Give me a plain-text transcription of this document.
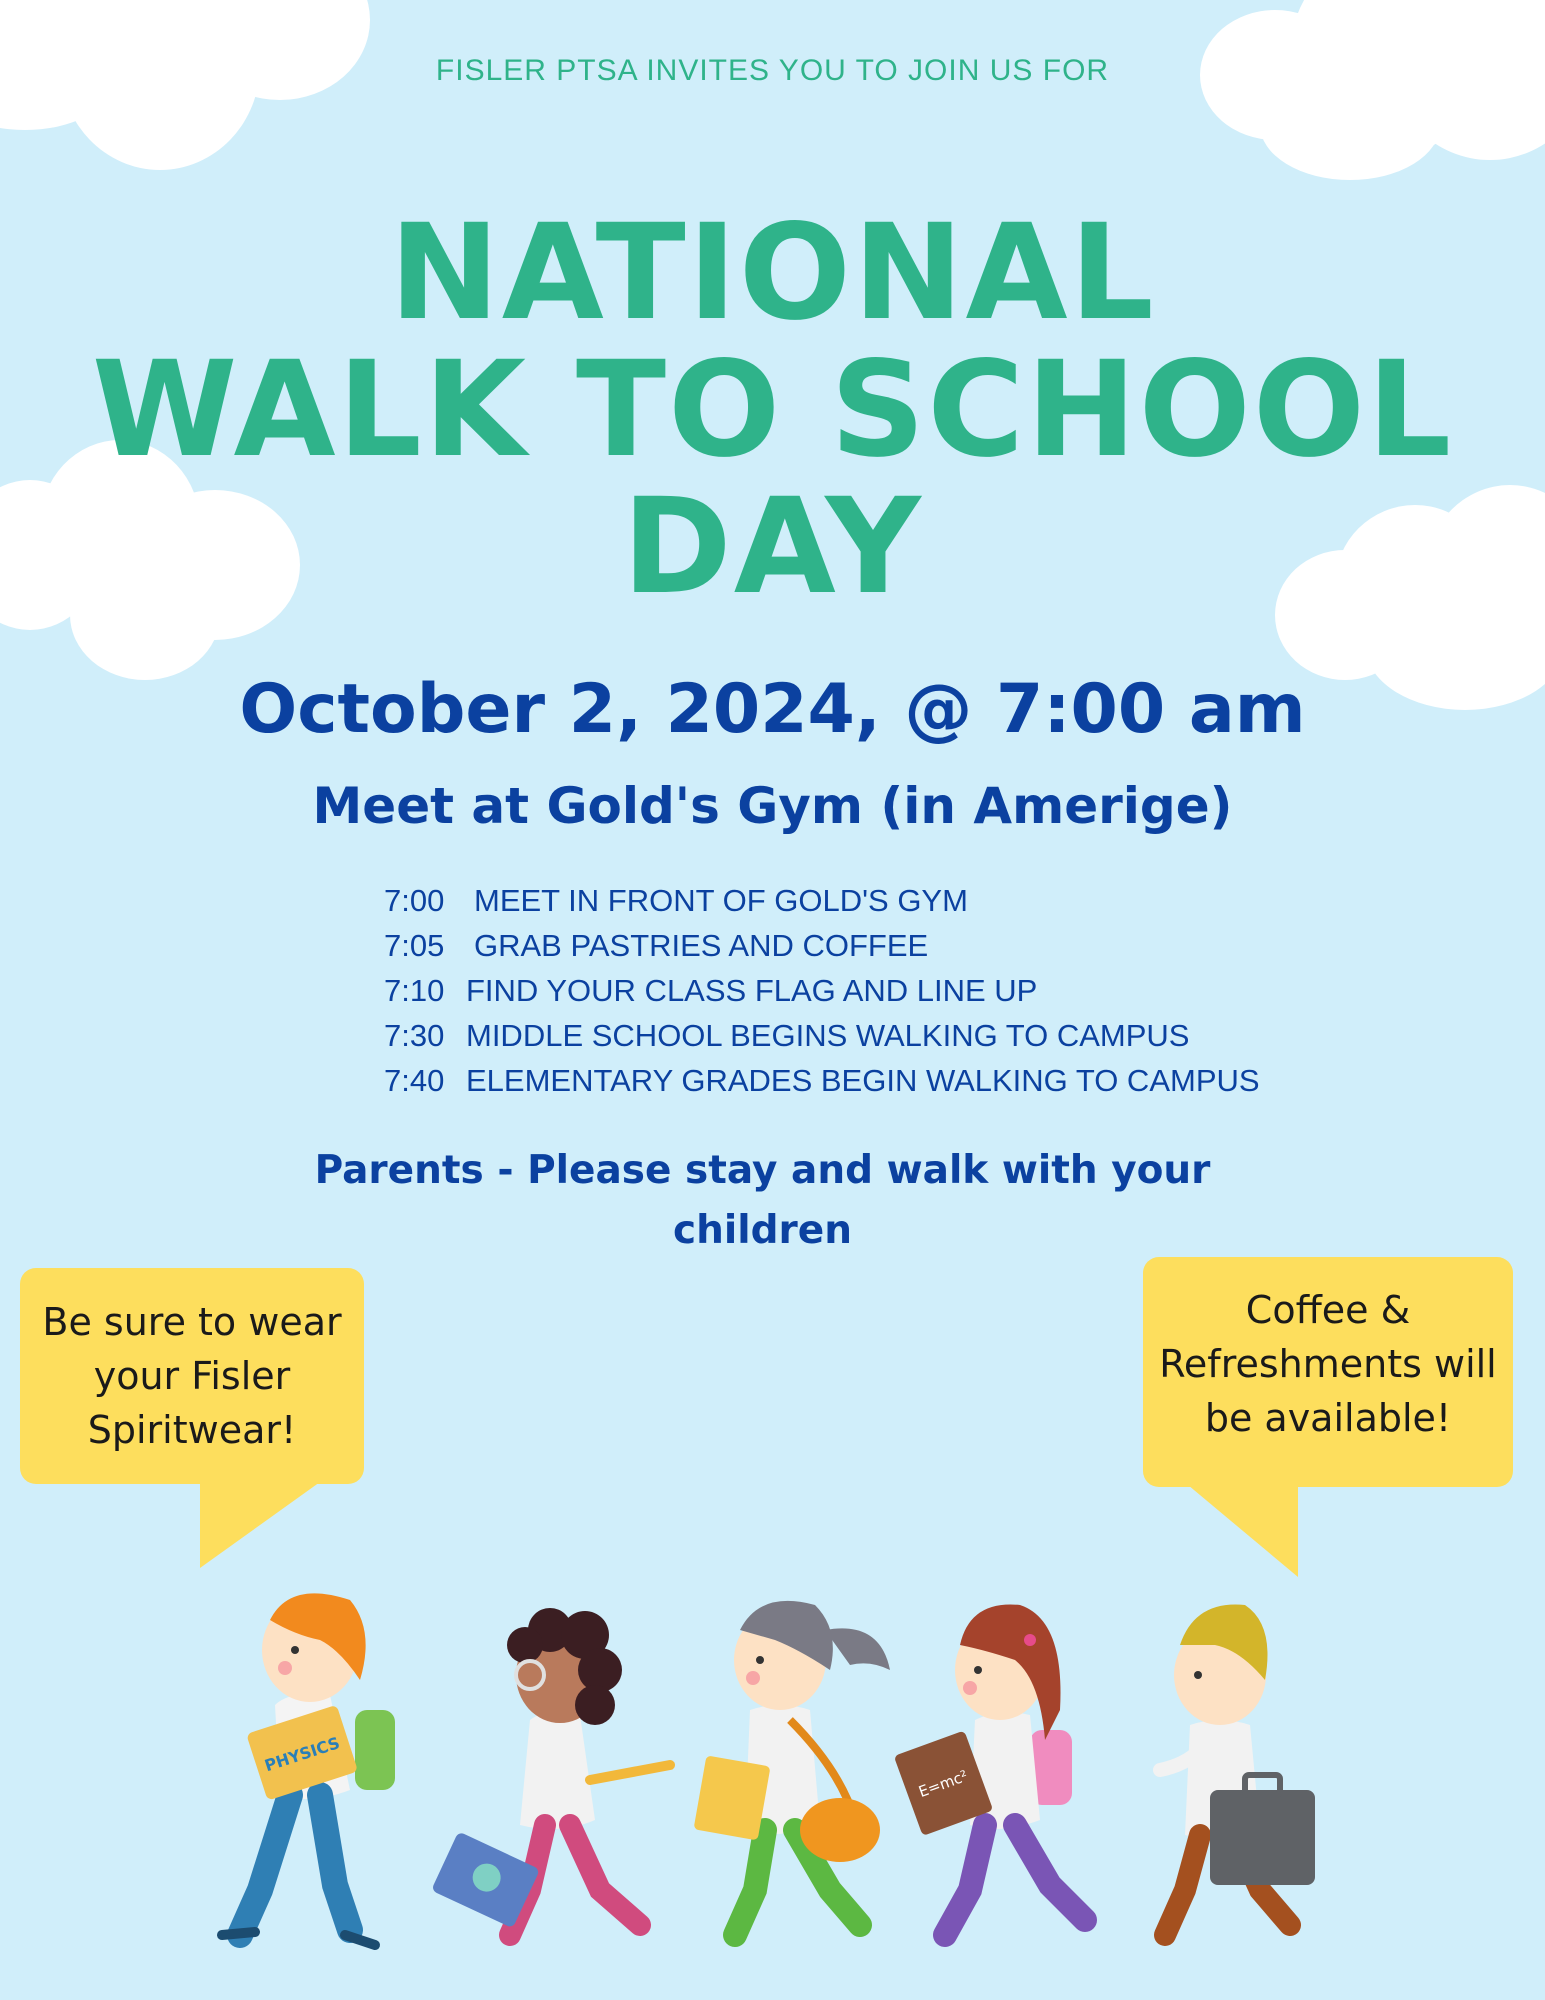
FISLER PTSA INVITES YOU TO JOIN US FOR
NATIONAL
WALK TO SCHOOL
DAY
October 2, 2024, @ 7:00 am
Meet at Gold's Gym (in Amerige)
7:00 MEET IN FRONT OF GOLD'S GYM
7:05 GRAB PASTRIES AND COFFEE
7:10 FIND YOUR CLASS FLAG AND LINE UP
7:30 MIDDLE SCHOOL BEGINS WALKING TO CAMPUS
7:40 ELEMENTARY GRADES BEGIN WALKING TO CAMPUS
Parents - Please stay and walk with your
children
Be sure to wear
your Fisler
Spiritwear!
Coffee &
Refreshments will
be available!
PHYSICS
E=mc²
